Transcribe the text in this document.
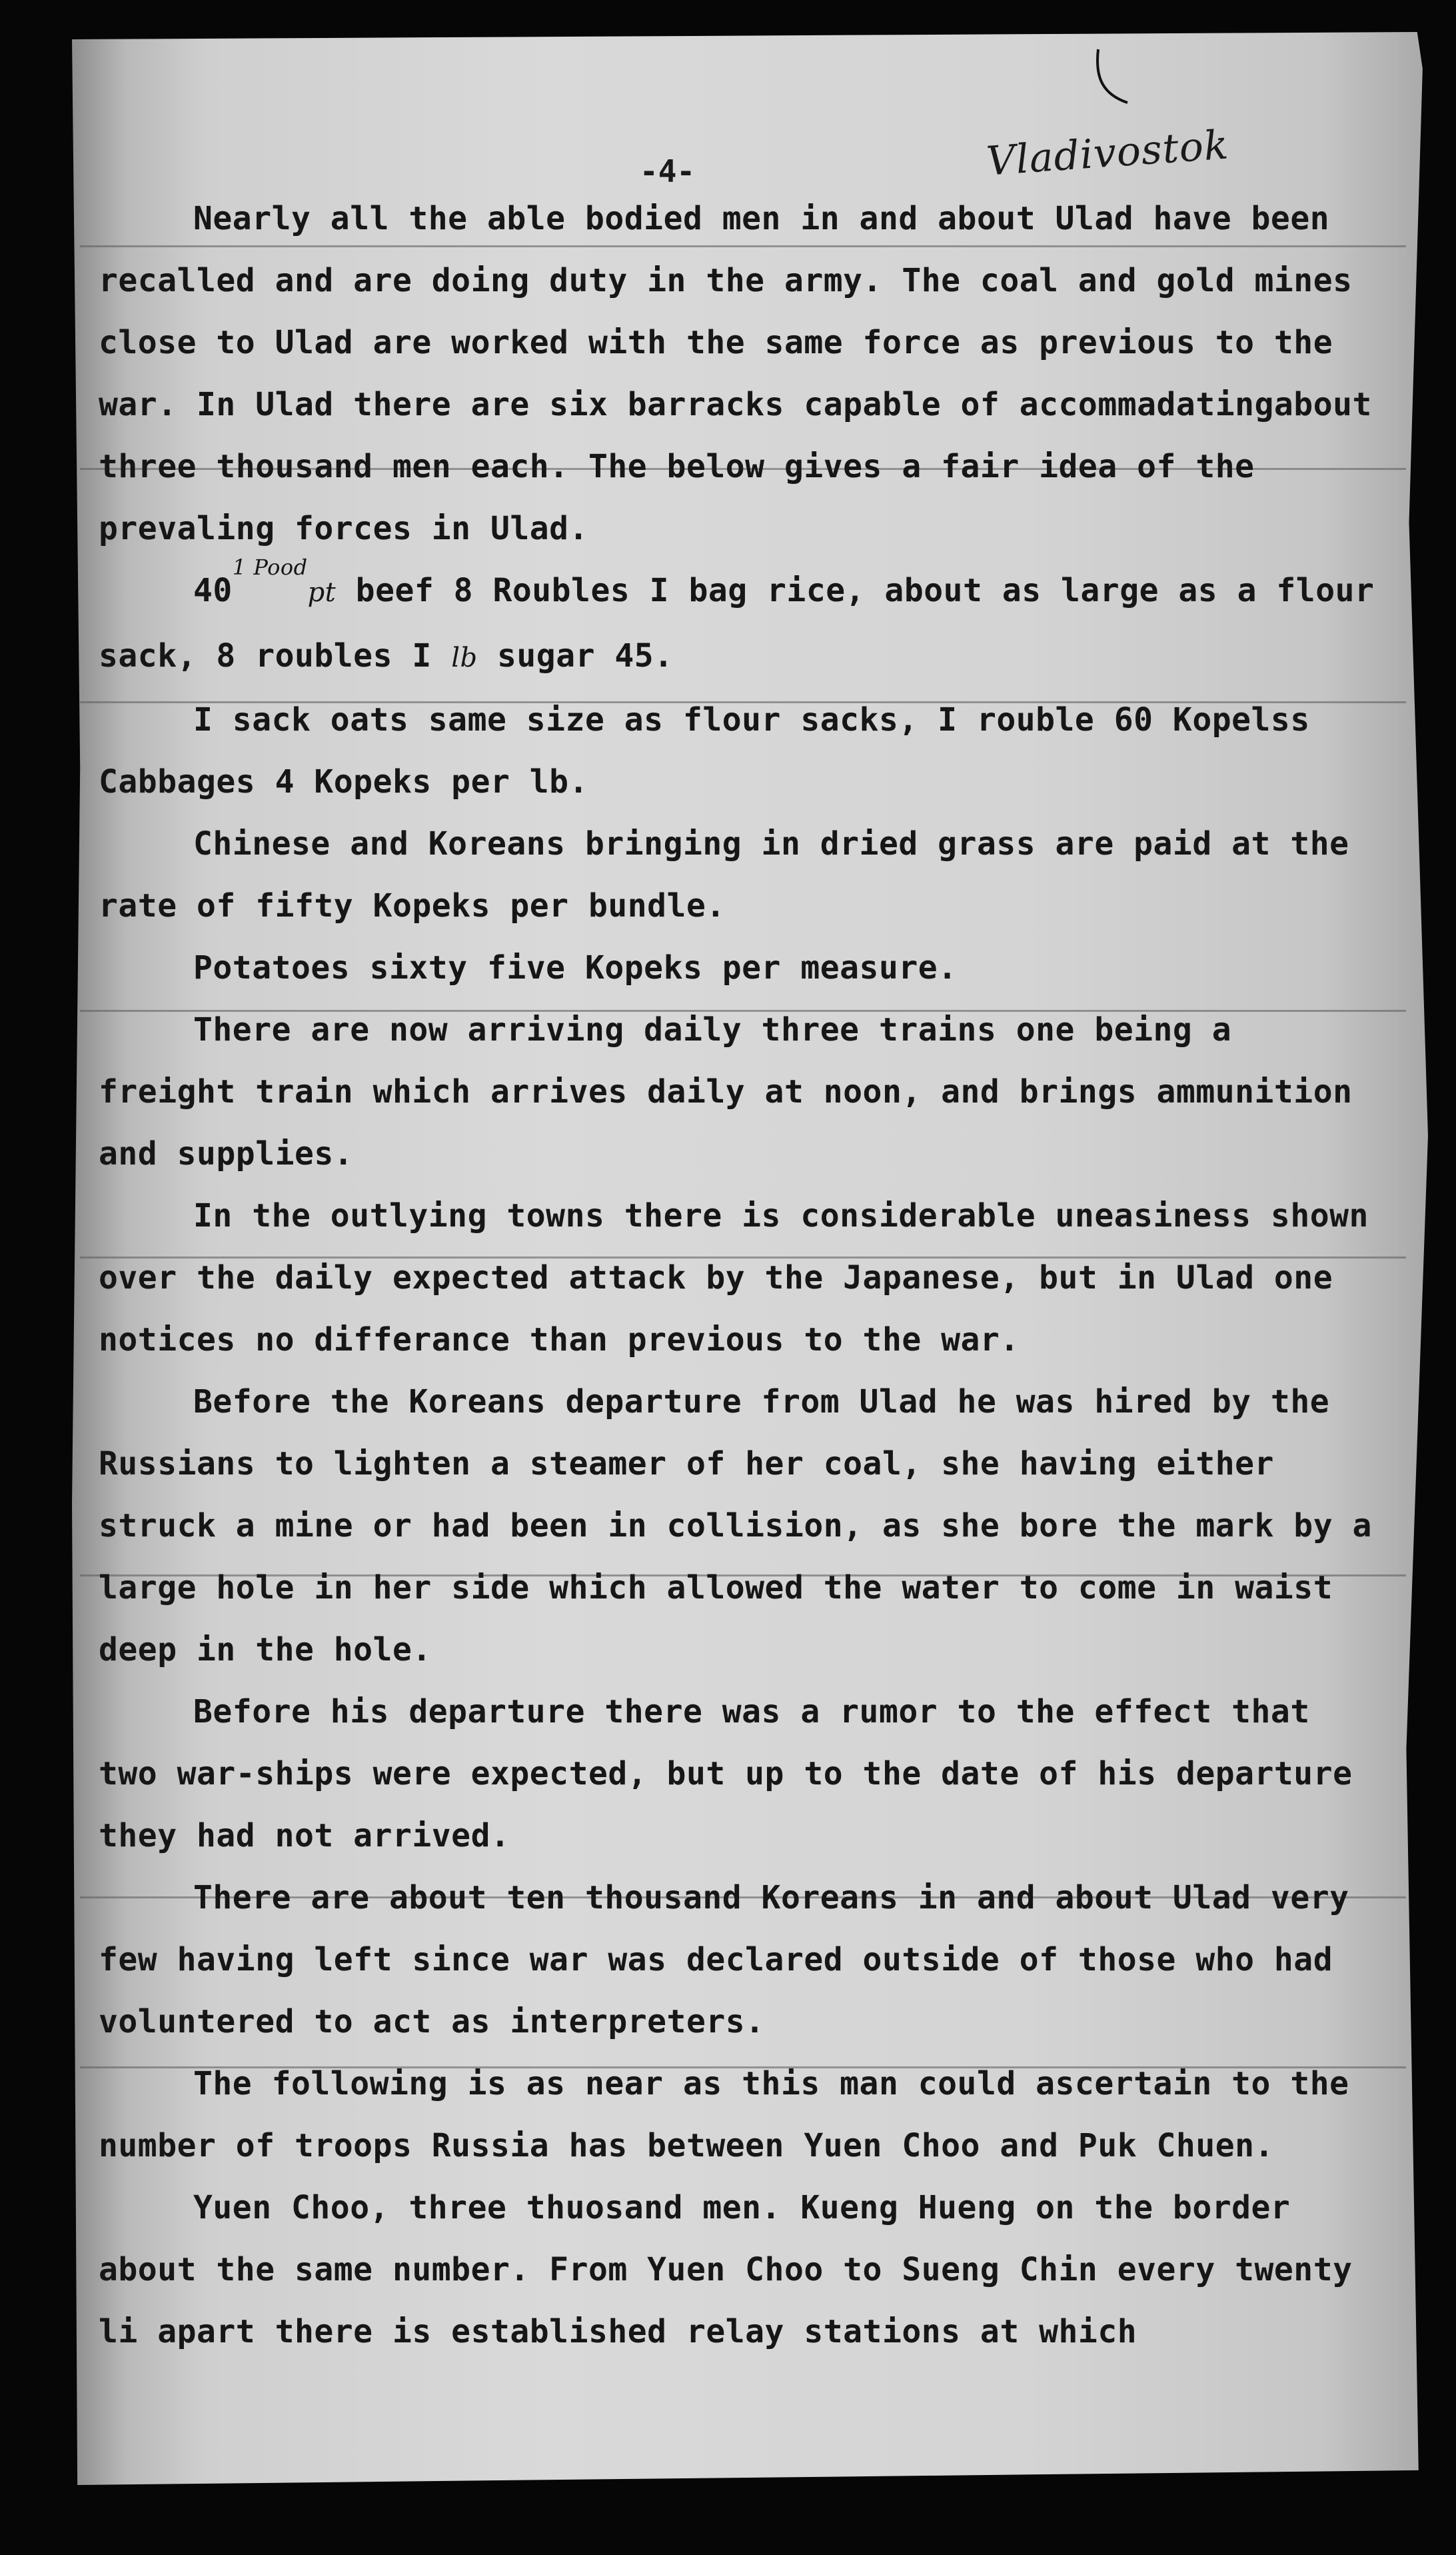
-4-	Vladivostok

Nearly all the able bodied men in and about Ulad have been recalled and are doing duty in the army. The coal and gold mines close to Ulad are worked with the same force as previous to the war. In Ulad there are six barracks capable of accommadatingabout three thousand men each. The below gives a fair idea of the prevaling forces in Ulad.

$40^{1 Pood}pt$ beef 8 Roubles I bag rice, about as large as a flour sack, 8 roubles I lb sugar 45.

I sack oats same size as flour sacks, I rouble 60 Kopelss Cabbages 4 Kopeks per lb.

Chinese and Koreans bringing in dried grass are paid at the rate of fifty Kopeks per bundle.

Potatoes sixty five Kopeks per measure.

There are now arriving daily three trains one being a freight train which arrives daily at noon, and brings ammunition and supplies.

In the outlying towns there is considerable uneasiness shown over the daily expected attack by the Japanese, but in Ulad one notices no differance than previous to the war.

Before the Koreans departure from Ulad he was hired by the Russians to lighten a steamer of her coal, she having either struck a mine or had been in collision, as she bore the mark by a large hole in her side which allowed the water to come in waist deep in the hole.

Before his departure there was a rumor to the effect that two war-ships were expected, but up to the date of his departure they had not arrived.

There are about ten thousand Koreans in and about Ulad very few having left since war was declared outside of those who had voluntered to act as interpreters.

The following is as near as this man could ascertain to the number of troops Russia has between Yuen Choo and Puk Chuen.

Yuen Choo, three thuosand men. Kueng Hueng on the border about the same number. From Yuen Choo to Sueng Chin every twenty li apart there is established relay stations at which
